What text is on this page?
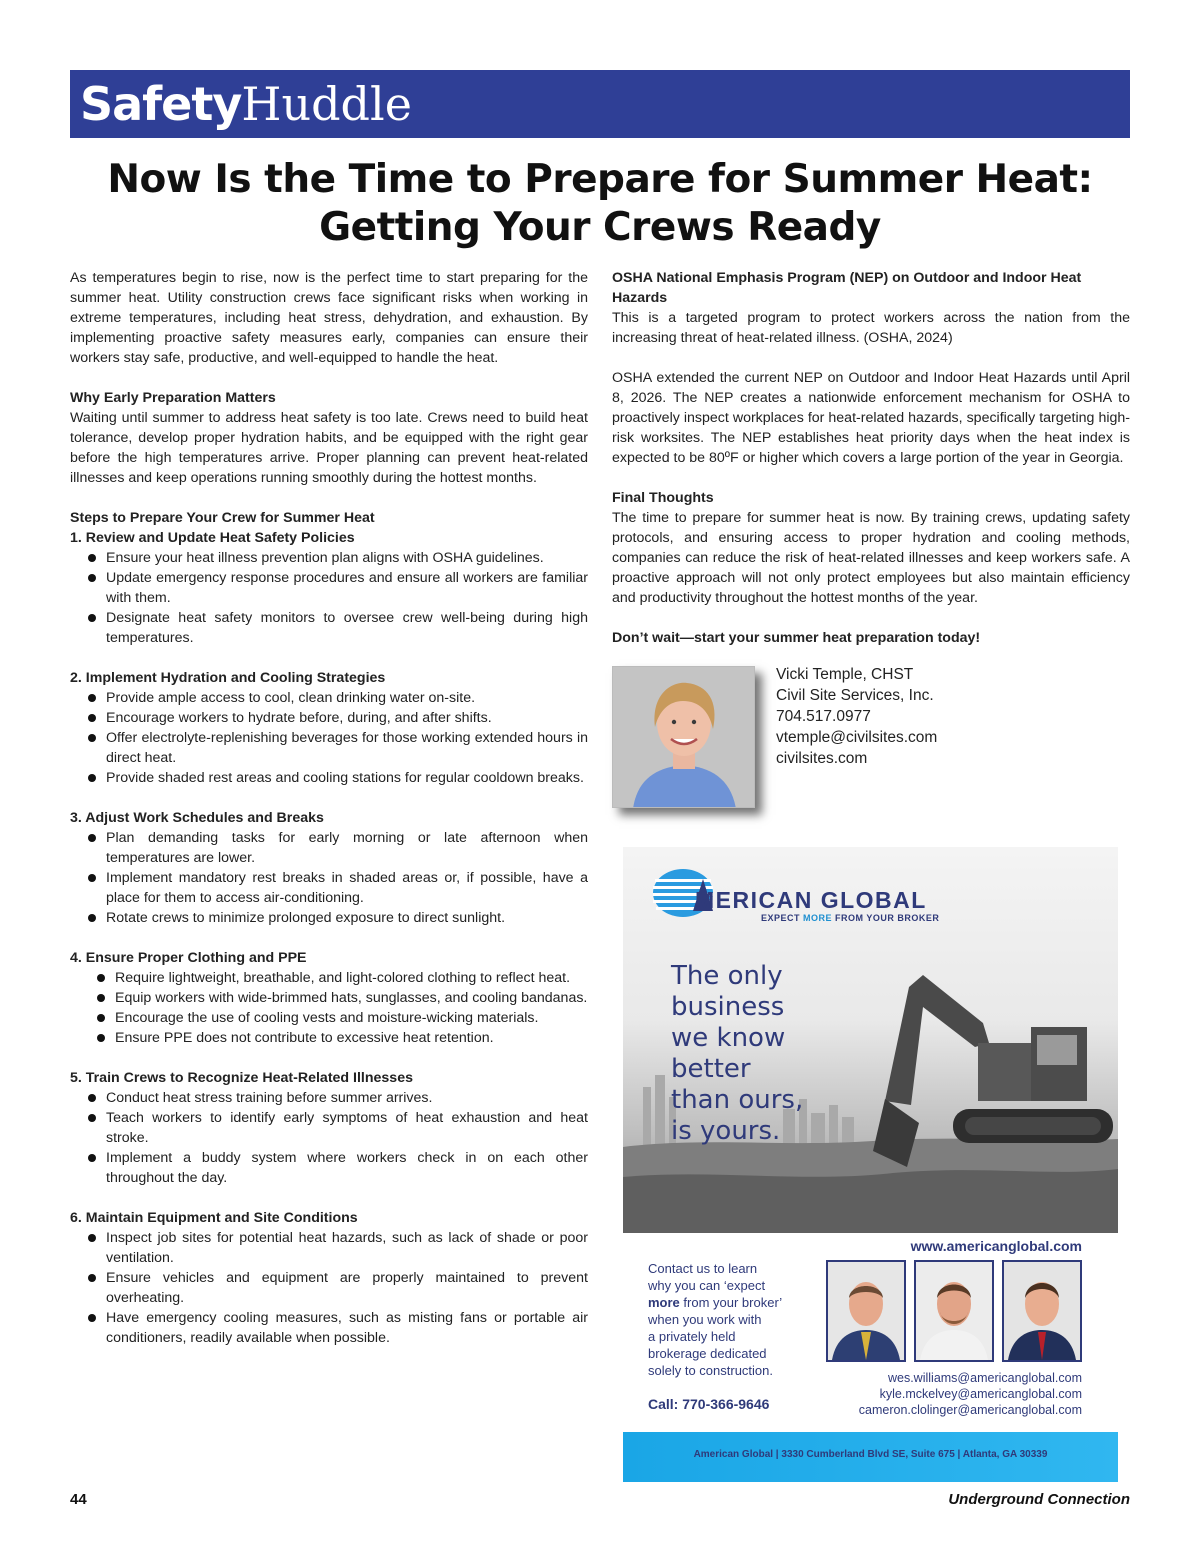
SafetyHuddle
Now Is the Time to Prepare for Summer Heat:
Getting Your Crews Ready

As temperatures begin to rise, now is the perfect time to start preparing for the summer heat. Utility construction crews face significant risks when working in extreme temperatures, including heat stress, dehydration, and exhaustion. By implementing proactive safety measures early, companies can ensure their workers stay safe, productive, and well-equipped to handle the heat.

Why Early Preparation Matters

Waiting until summer to address heat safety is too late. Crews need to build heat tolerance, develop proper hydration habits, and be equipped with the right gear before the high temperatures arrive. Proper planning can prevent heat-related illnesses and keep operations running smoothly during the hottest months.

Steps to Prepare Your Crew for Summer Heat
1. Review and Update Heat Safety Policies
Ensure your heat illness prevention plan aligns with OSHA guidelines.
Update emergency response procedures and ensure all workers are familiar with them.
Designate heat safety monitors to oversee crew well-being during high temperatures.
2. Implement Hydration and Cooling Strategies
Provide ample access to cool, clean drinking water on-site.
Encourage workers to hydrate before, during, and after shifts.
Offer electrolyte-replenishing beverages for those working extended hours in direct heat.
Provide shaded rest areas and cooling stations for regular cooldown breaks.
3. Adjust Work Schedules and Breaks
Plan demanding tasks for early morning or late afternoon when temperatures are lower.
Implement mandatory rest breaks in shaded areas or, if possible, have a place for them to access air-conditioning.
Rotate crews to minimize prolonged exposure to direct sunlight.
4. Ensure Proper Clothing and PPE
Require lightweight, breathable, and light-colored clothing to reflect heat.
Equip workers with wide-brimmed hats, sunglasses, and cooling bandanas.
Encourage the use of cooling vests and moisture-wicking materials.
Ensure PPE does not contribute to excessive heat retention.
5. Train Crews to Recognize Heat-Related Illnesses
Conduct heat stress training before summer arrives.
Teach workers to identify early symptoms of heat exhaustion and heat stroke.
Implement a buddy system where workers check in on each other throughout the day.
6. Maintain Equipment and Site Conditions
Inspect job sites for potential heat hazards, such as lack of shade or poor ventilation.
Ensure vehicles and equipment are properly maintained to prevent overheating.
Have emergency cooling measures, such as misting fans or portable air conditioners, readily available when possible.
OSHA National Emphasis Program (NEP) on Outdoor and Indoor Heat Hazards

This is a targeted program to protect workers across the nation from the increasing threat of heat-related illness. (OSHA, 2024)

OSHA extended the current NEP on Outdoor and Indoor Heat Hazards until April 8, 2026. The NEP creates a nationwide enforcement mechanism for OSHA to proactively inspect workplaces for heat-related hazards, specifically targeting high-risk worksites. The NEP establishes heat priority days when the heat index is expected to be 80ºF or higher which covers a large portion of the year in Georgia.

Final Thoughts

The time to prepare for summer heat is now. By training crews, updating safety protocols, and ensuring access to proper hydration and cooling methods, companies can reduce the risk of heat-related illnesses and keep workers safe. A proactive approach will not only protect employees but also maintain efficiency and productivity throughout the hottest months of the year.

Don’t wait—start your summer heat preparation today!
Vicki Temple, CHST
Civil Site Services, Inc.
704.517.0977
vtemple@civilsites.com
civilsites.com
MERICAN GLOBAL
EXPECT MORE FROM YOUR BROKER
The only
business
we know
better
than ours,
is yours.
www.americanglobal.com
Contact us to learn
why you can ‘expect
more from your broker’
when you work with
a privately held
brokerage dedicated
solely to construction.	wes.williams@americanglobal.com
kyle.mckelvey@americanglobal.com
cameron.clolinger@americanglobal.com
Call: 770-366-9646
American Global | 3330 Cumberland Blvd SE, Suite 675 | Atlanta, GA 30339
44	Underground Connection
